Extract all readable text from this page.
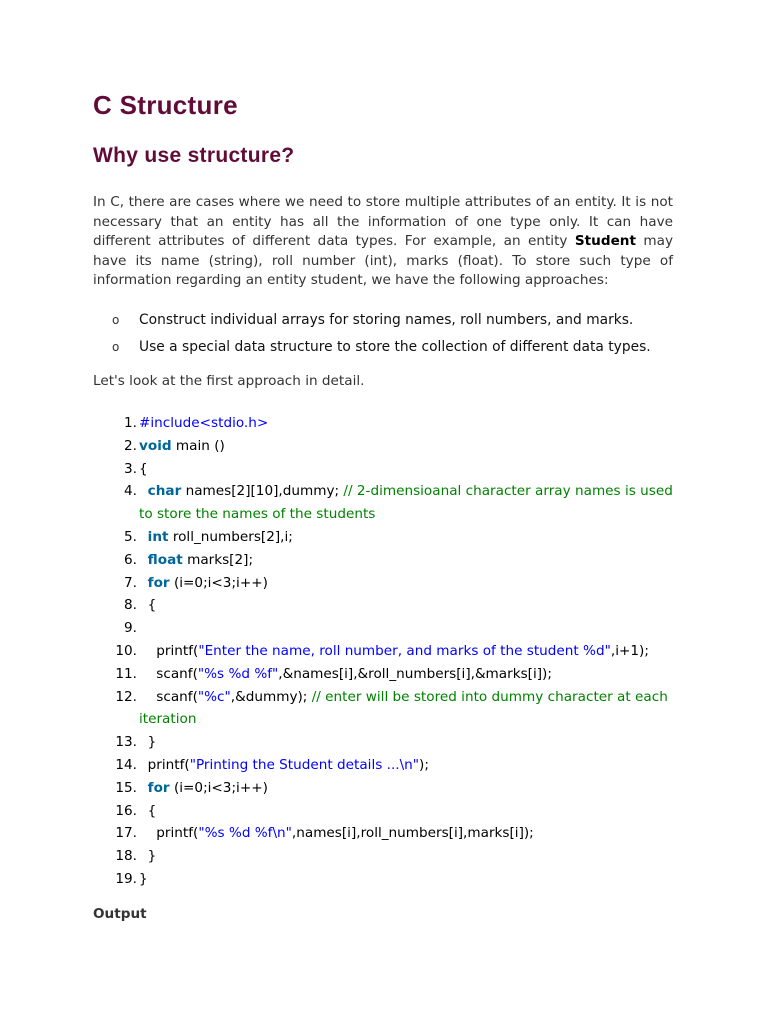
C Structure
Why use structure?

In C, there are cases where we need to store multiple attributes of an entity. It is not necessary that an entity has all the information of one type only. It can have different attributes of different data types. For example, an entity Student may have its name (string), roll number (int), marks (float). To store such type of information regarding an entity student, we have the following approaches:

o Construct individual arrays for storing names, roll numbers, and marks.
o Use a special data structure to store the collection of different data types.

Let's look at the first approach in detail.

1. #include<stdio.h>
2. void main ()
3. {
4. char names[2][10],dummy; // 2-dimensioanal character array names is used to store the names of the students
5. int roll_numbers[2],i;
6. float marks[2];
7. for (i=0;i<3;i++)
8. {
9.

10. printf("Enter the name, roll number, and marks of the student %d",i+1);
11. scanf("%s %d %f",&names[i],&roll_numbers[i],&marks[i]);
12. scanf("%c",&dummy); // enter will be stored into dummy character at each iteration
13. }
14. printf("Printing the Student details ...\n");
15. for (i=0;i<3;i++)
16. {
17. printf("%s %d %f\n",names[i],roll_numbers[i],marks[i]);
18. }
19. }

Output
